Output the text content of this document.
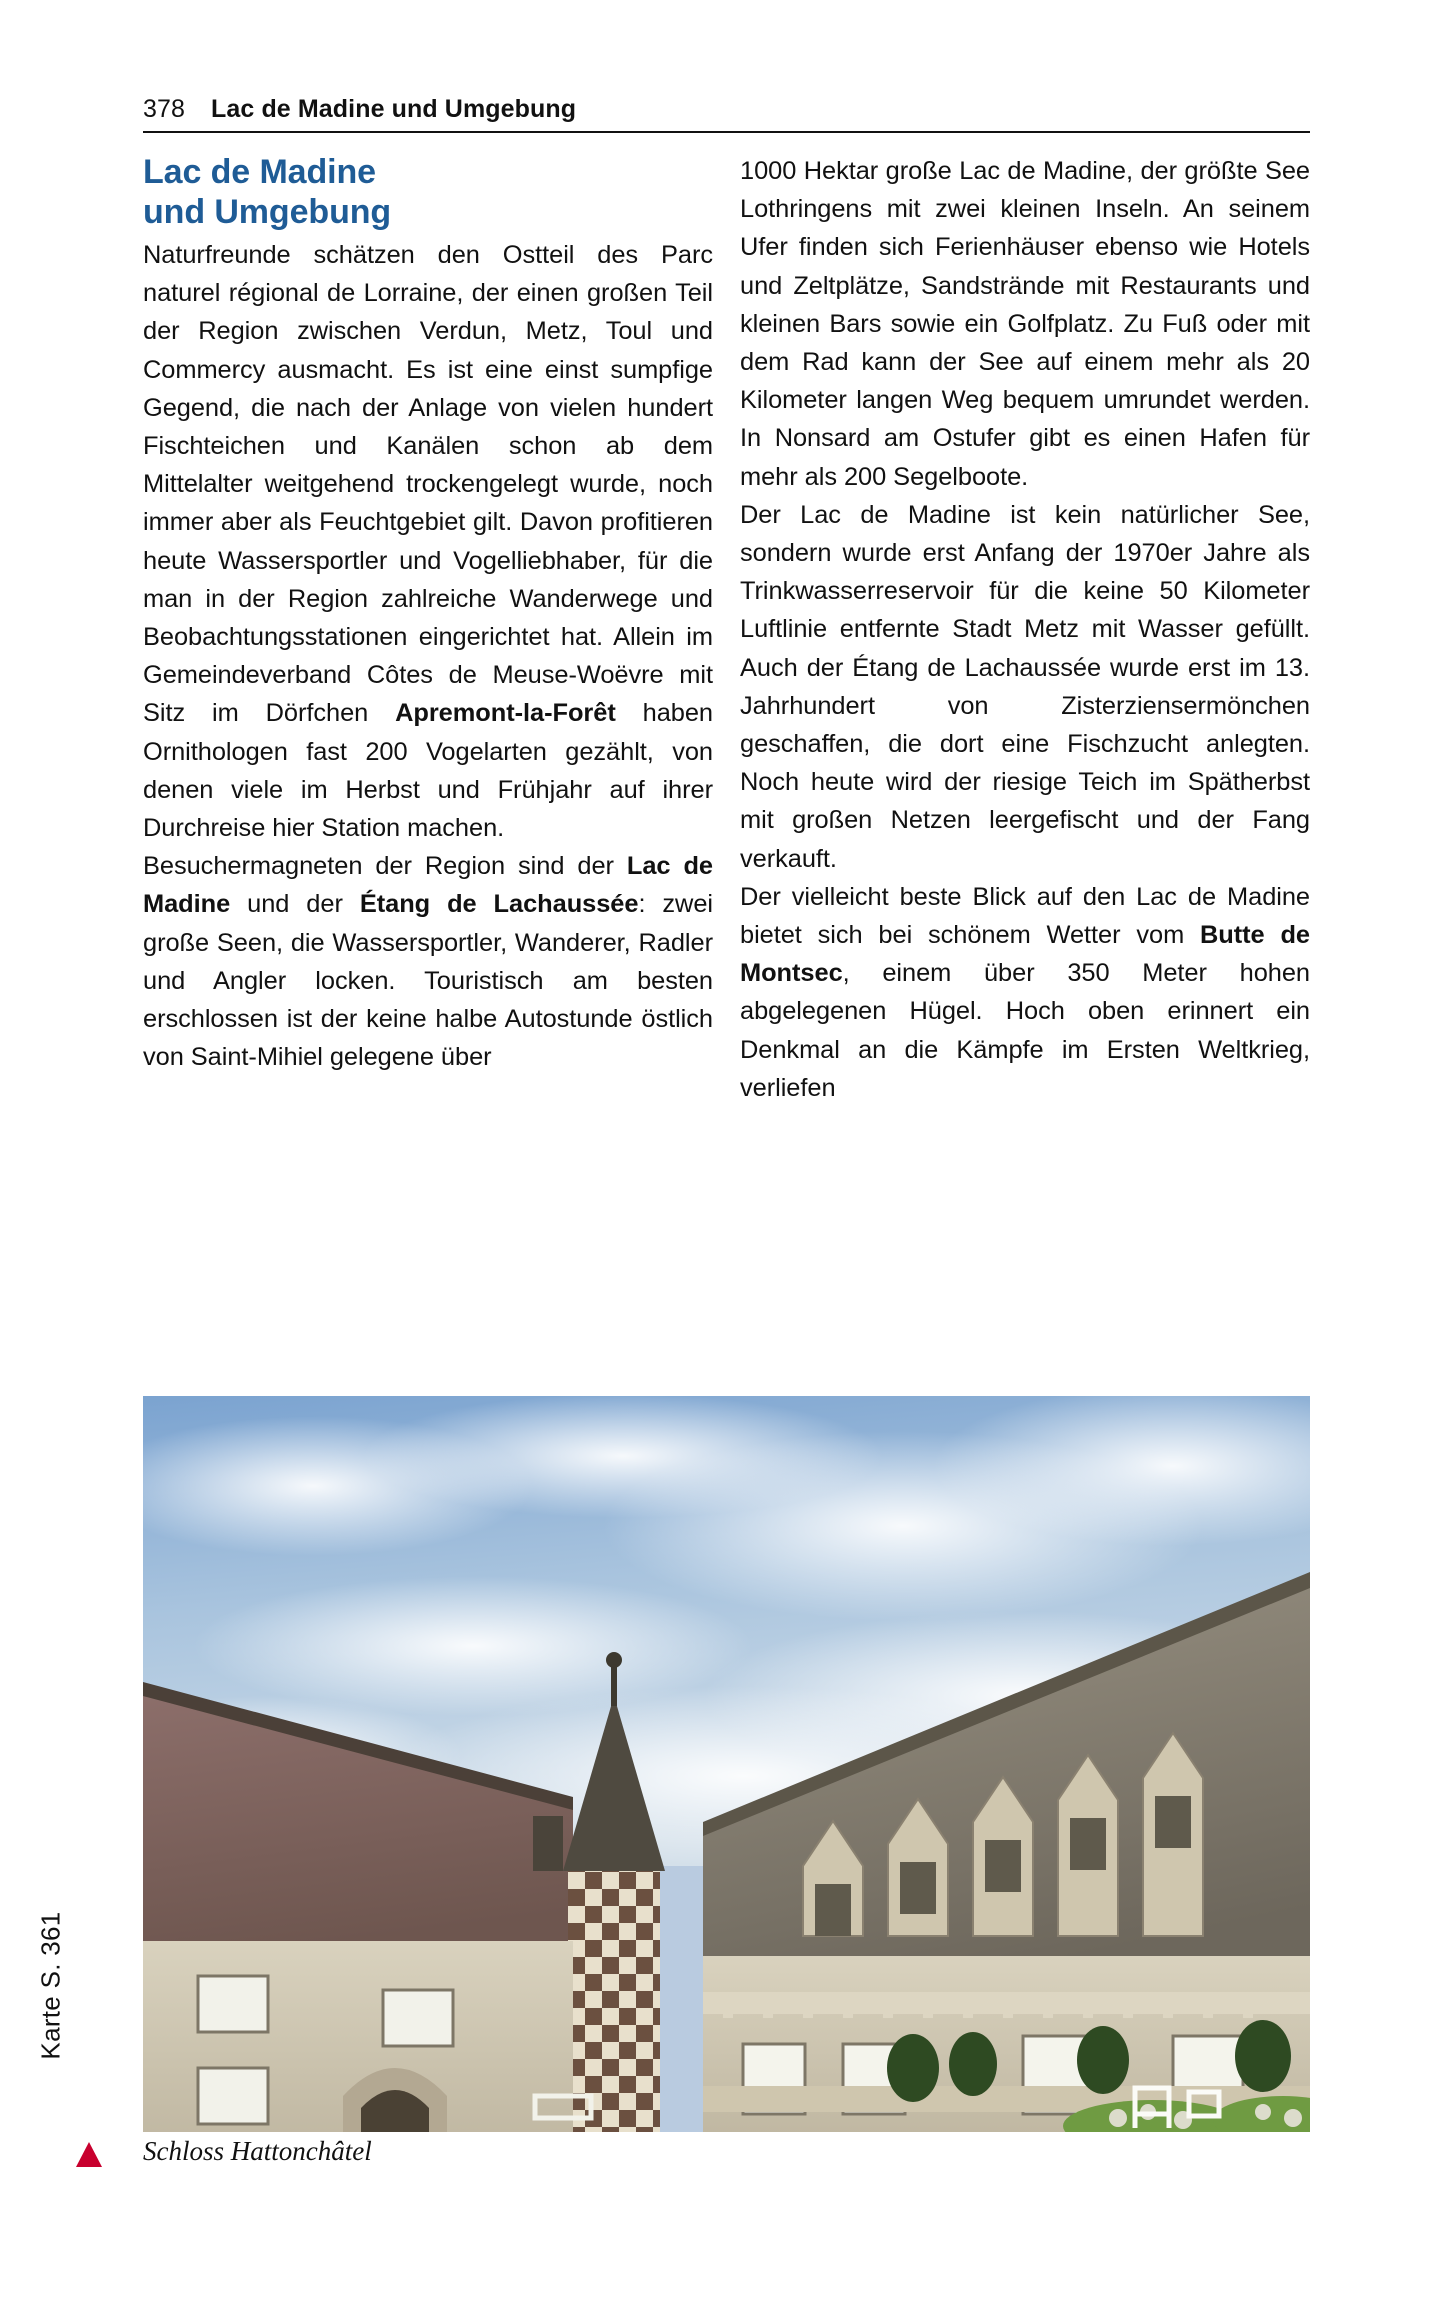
378 Lac de Madine und Umgebung
Lac de Madine
und Umgebung

Naturfreunde schätzen den Ostteil des Parc naturel régional de Lorraine, der einen großen Teil der Region zwischen Verdun, Metz, Toul und Commercy ausmacht. Es ist eine einst sumpfige Gegend, die nach der Anlage von vielen hundert Fischteichen und Kanälen schon ab dem Mittelalter weitgehend trockengelegt wurde, noch immer aber als Feuchtgebiet gilt. Davon profitieren heute Wassersportler und Vogelliebhaber, für die man in der Region zahlreiche Wanderwege und Beobachtungsstationen eingerichtet hat. Allein im Gemeindeverband Côtes de Meuse-Woëvre mit Sitz im Dörfchen Apremont-la-Forêt haben Ornithologen fast 200 Vogelarten gezählt, von denen viele im Herbst und Frühjahr auf ihrer Durchreise hier Station machen.

Besuchermagneten der Region sind der Lac de Madine und der Étang de Lachaussée: zwei große Seen, die Wassersportler, Wanderer, Radler und Angler locken. Touristisch am besten erschlossen ist der keine halbe Autostunde östlich von Saint-Mihiel gelegene über

1000 Hektar große Lac de Madine, der größte See Lothringens mit zwei kleinen Inseln. An seinem Ufer finden sich Ferienhäuser ebenso wie Hotels und Zeltplätze, Sandstrände mit Restaurants und kleinen Bars sowie ein Golfplatz. Zu Fuß oder mit dem Rad kann der See auf einem mehr als 20 Kilometer langen Weg bequem umrundet werden. In Nonsard am Ostufer gibt es einen Hafen für mehr als 200 Segelboote.

Der Lac de Madine ist kein natürlicher See, sondern wurde erst Anfang der 1970er Jahre als Trinkwasserreservoir für die keine 50 Kilometer Luftlinie entfernte Stadt Metz mit Wasser gefüllt. Auch der Étang de Lachaussée wurde erst im 13. Jahrhundert von Zisterziensermönchen geschaffen, die dort eine Fischzucht anlegten. Noch heute wird der riesige Teich im Spätherbst mit großen Netzen leergefischt und der Fang verkauft.

Der vielleicht beste Blick auf den Lac de Madine bietet sich bei schönem Wetter vom Butte de Montsec, einem über 350 Meter hohen abgelegenen Hügel. Hoch oben erinnert ein Denkmal an die Kämpfe im Ersten Weltkrieg, verliefen

Karte S. 361
Schloss Hattonchâtel
